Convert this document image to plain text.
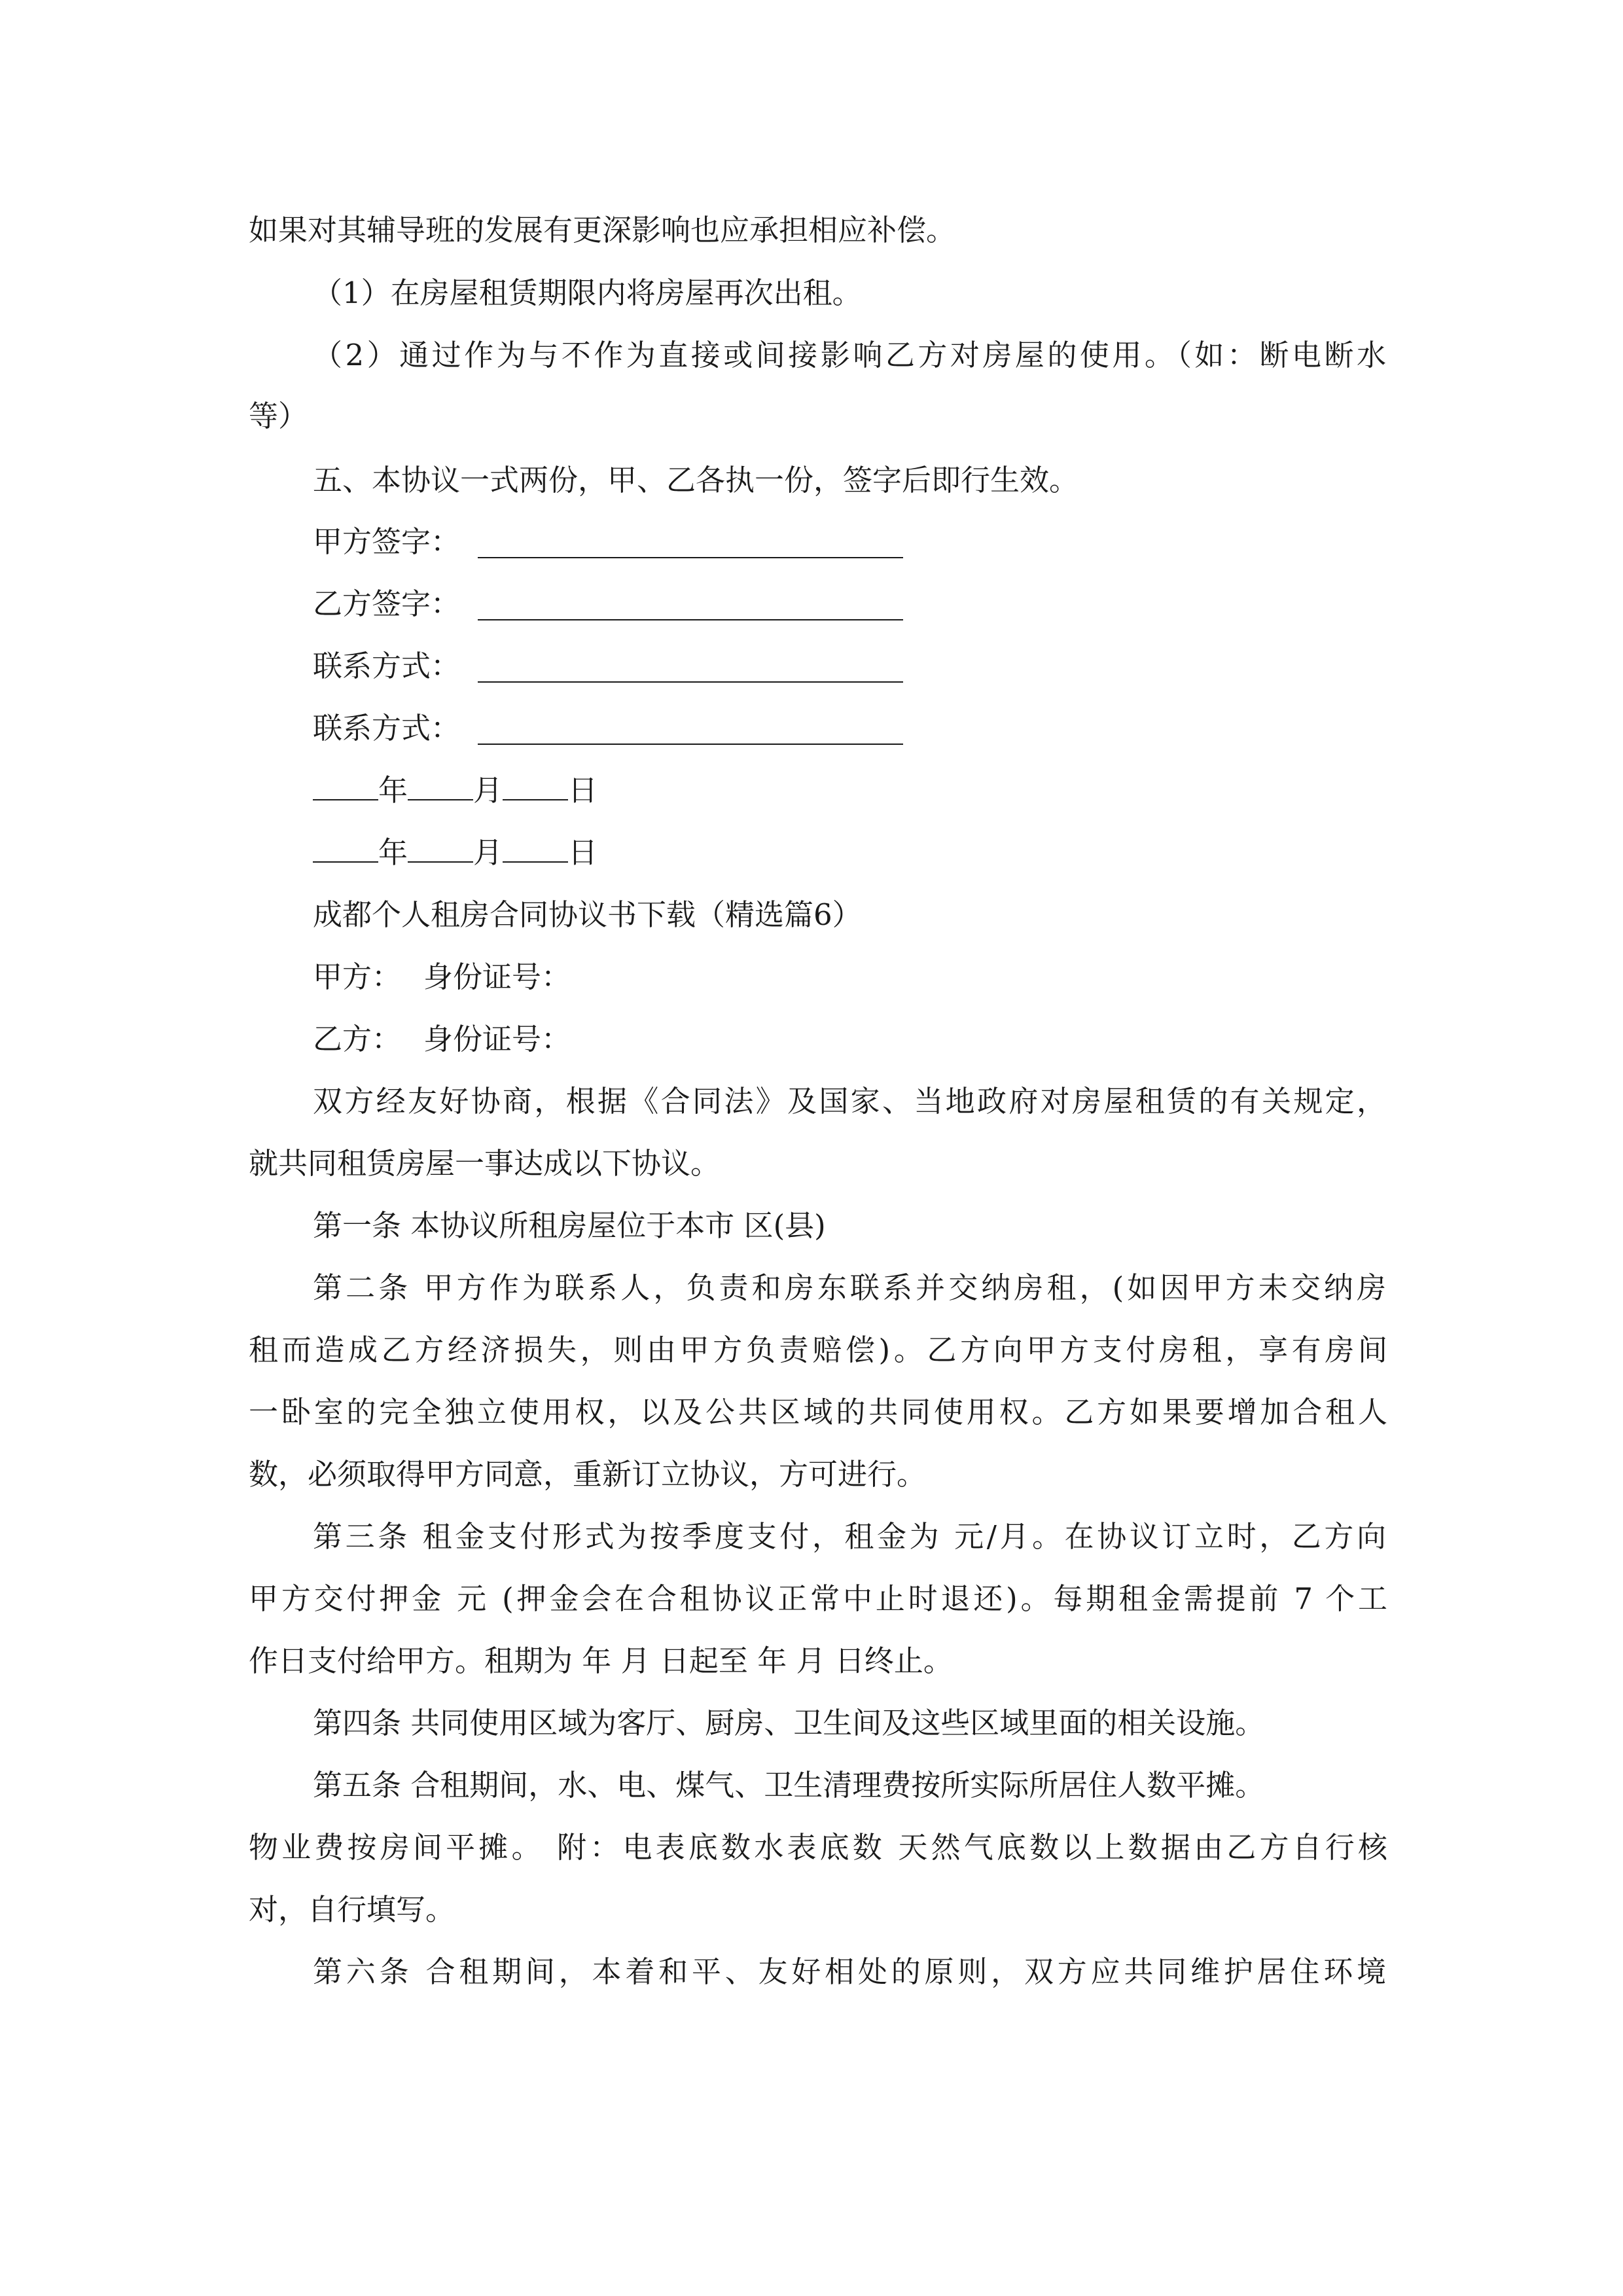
如果对其辅导班的发展有更深影响也应承担相应补偿。
（1）在房屋租赁期限内将房屋再次出租。
（2）通过作为与不作为直接或间接影响乙方对房屋的使用。（如：断电断水
等）
五、本协议一式两份，甲、乙各执一份，签字后即行生效。
甲方签字：
乙方签字：
联系方式：
联系方式：
年 月 日
年 月 日
成都个人租房合同协议书下载（精选篇6）
甲方： 身份证号：
乙方： 身份证号：
双方经友好协商，根据《合同法》及国家、当地政府对房屋租赁的有关规定，
就共同租赁房屋一事达成以下协议。
第一条 本协议所租房屋位于本市 区(县)
第二条 甲方作为联系人，负责和房东联系并交纳房租，(如因甲方未交纳房
租而造成乙方经济损失，则由甲方负责赔偿)。乙方向甲方支付房租，享有房间
一卧室的完全独立使用权，以及公共区域的共同使用权。乙方如果要增加合租人
数，必须取得甲方同意，重新订立协议，方可进行。
第三条 租金支付形式为按季度支付，租金为 元/月。在协议订立时，乙方向
甲方交付押金 元 (押金会在合租协议正常中止时退还)。每期租金需提前 7 个工
作日支付给甲方。租期为 年 月 日起至 年 月 日终止。
第四条 共同使用区域为客厅、厨房、卫生间及这些区域里面的相关设施。
第五条 合租期间，水、电、煤气、卫生清理费按所实际所居住人数平摊。
物业费按房间平摊。 附：电表底数水表底数 天然气底数以上数据由乙方自行核
对，自行填写。
第六条 合租期间，本着和平、友好相处的原则，双方应共同维护居住环境
